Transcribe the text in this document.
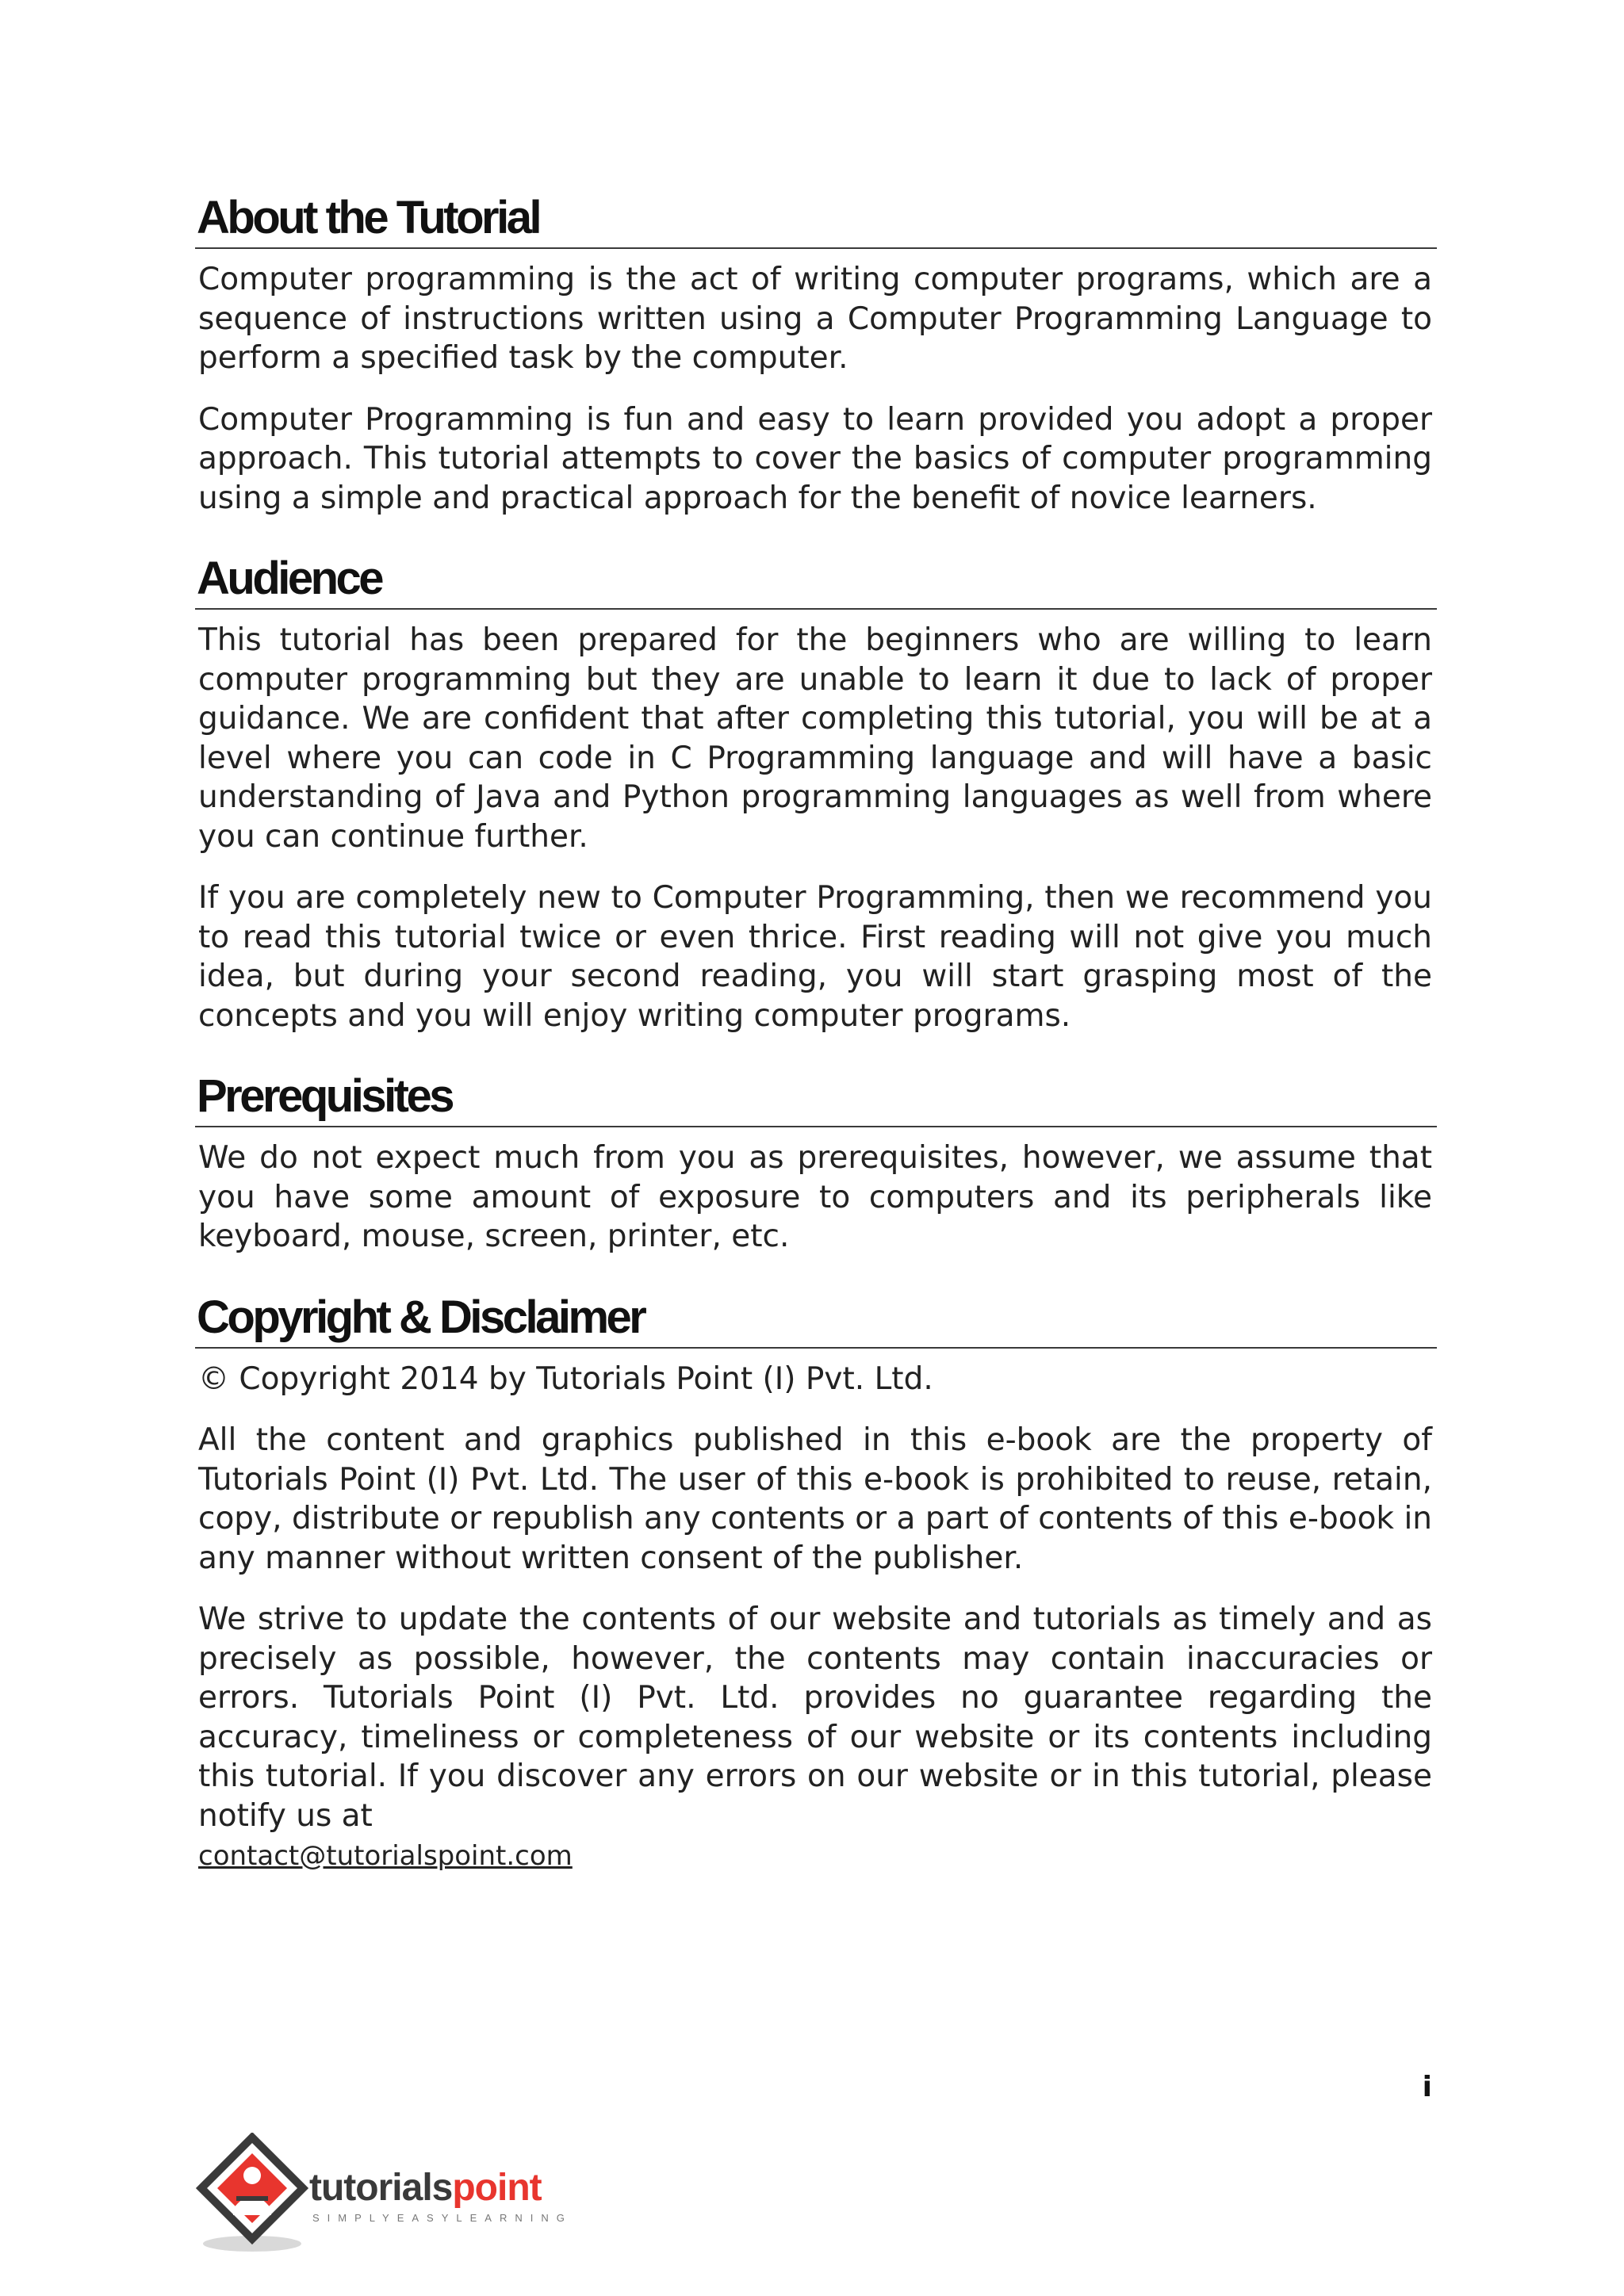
About the Tutorial

Computer programming is the act of writing computer programs, which are a sequence of instructions written using a Computer Programming Language to perform a specified task by the computer.

Computer Programming is fun and easy to learn provided you adopt a proper approach. This tutorial attempts to cover the basics of computer programming using a simple and practical approach for the benefit of novice learners.

Audience

This tutorial has been prepared for the beginners who are willing to learn computer programming but they are unable to learn it due to lack of proper guidance. We are confident that after completing this tutorial, you will be at a level where you can code in C Programming language and will have a basic understanding of Java and Python programming languages as well from where you can continue further.

If you are completely new to Computer Programming, then we recommend you to read this tutorial twice or even thrice. First reading will not give you much idea, but during your second reading, you will start grasping most of the concepts and you will enjoy writing computer programs.

Prerequisites

We do not expect much from you as prerequisites, however, we assume that you have some amount of exposure to computers and its peripherals like keyboard, mouse, screen, printer, etc.

Copyright & Disclaimer

© Copyright 2014 by Tutorials Point (I) Pvt. Ltd.

All the content and graphics published in this e-book are the property of Tutorials Point (I) Pvt. Ltd. The user of this e-book is prohibited to reuse, retain, copy, distribute or republish any contents or a part of contents of this e-book in any manner without written consent of the publisher.

We strive to update the contents of our website and tutorials as timely and as precisely as possible, however, the contents may contain inaccuracies or errors. Tutorials Point (I) Pvt. Ltd. provides no guarantee regarding the accuracy, timeliness or completeness of our website or its contents including this tutorial. If you discover any errors on our website or in this tutorial, please notify us at
contact@tutorialspoint.com

i
tutorialspoint
SIMPLYEASYLEARNING
